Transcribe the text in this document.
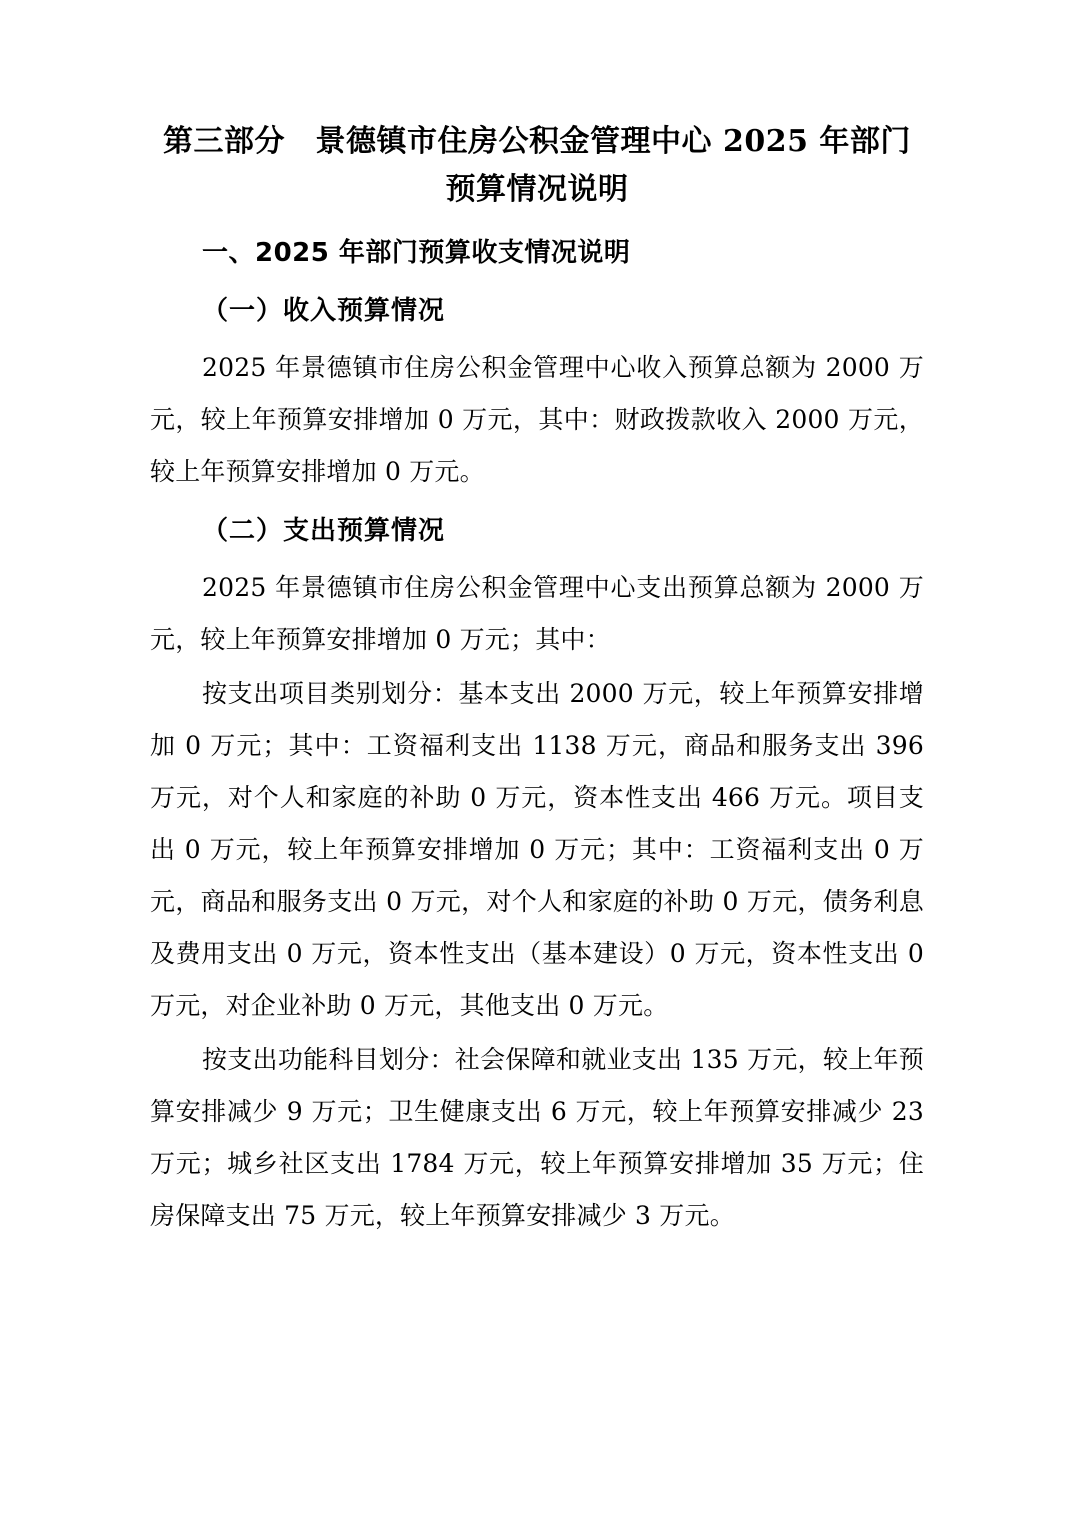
第三部分　景德镇市住房公积金管理中心 2025 年部门预算情况说明
一、2025 年部门预算收支情况说明
（一）收入预算情况

2025 年景德镇市住房公积金管理中心收入预算总额为 2000 万元，较上年预算安排增加 0 万元，其中：财政拨款收入 2000 万元，较上年预算安排增加 0 万元。

（二）支出预算情况

2025 年景德镇市住房公积金管理中心支出预算总额为 2000 万元，较上年预算安排增加 0 万元；其中：

按支出项目类别划分：基本支出 2000 万元，较上年预算安排增加 0 万元；其中：工资福利支出 1138 万元，商品和服务支出 396 万元，对个人和家庭的补助 0 万元，资本性支出 466 万元。项目支出 0 万元，较上年预算安排增加 0 万元；其中：工资福利支出 0 万元，商品和服务支出 0 万元，对个人和家庭的补助 0 万元，债务利息及费用支出 0 万元，资本性支出（基本建设）0 万元，资本性支出 0 万元，对企业补助 0 万元，其他支出 0 万元。

按支出功能科目划分：社会保障和就业支出 135 万元，较上年预算安排减少 9 万元；卫生健康支出 6 万元，较上年预算安排减少 23 万元；城乡社区支出 1784 万元，较上年预算安排增加 35 万元；住房保障支出 75 万元，较上年预算安排减少 3 万元。
